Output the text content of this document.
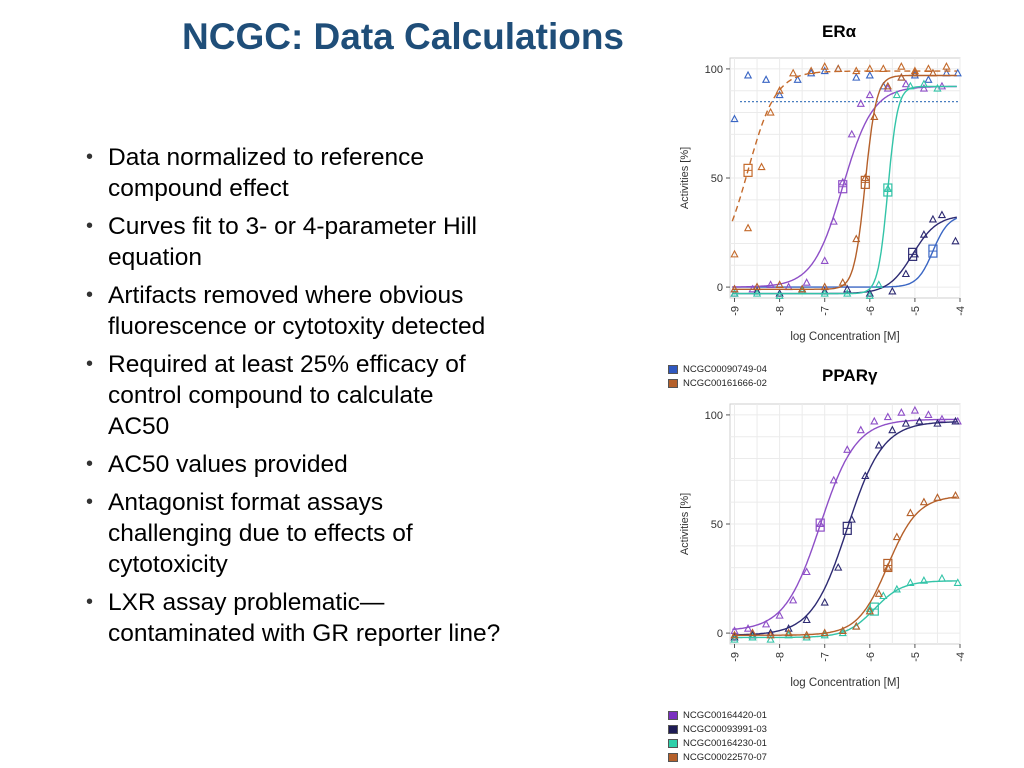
NCGC: Data Calculations
• Data normalized to reference
compound effect
• Curves fit to 3- or 4-parameter Hill
equation
• Artifacts removed where obvious
fluorescence or cytotoxity detected
• Required at least 25% efficacy of
control compound to calculate
AC50
• AC50 values provided
• Antagonist format assays
challenging due to effects of
cytotoxicity
• LXR assay problematic—
contaminated with GR reporter line?
ERα
0
50
100
-9	-8	-7	-6	-5	-4
Activities [%]
log Concentration [M]
NCGC00090749-04
NCGC00161666-02	PPARγ
0
50
100
-9	-8	-7	-6	-5	-4
Activities [%]
log Concentration [M]
NCGC00164420-01
NCGC00093991-03
NCGC00164230-01
NCGC00022570-07
